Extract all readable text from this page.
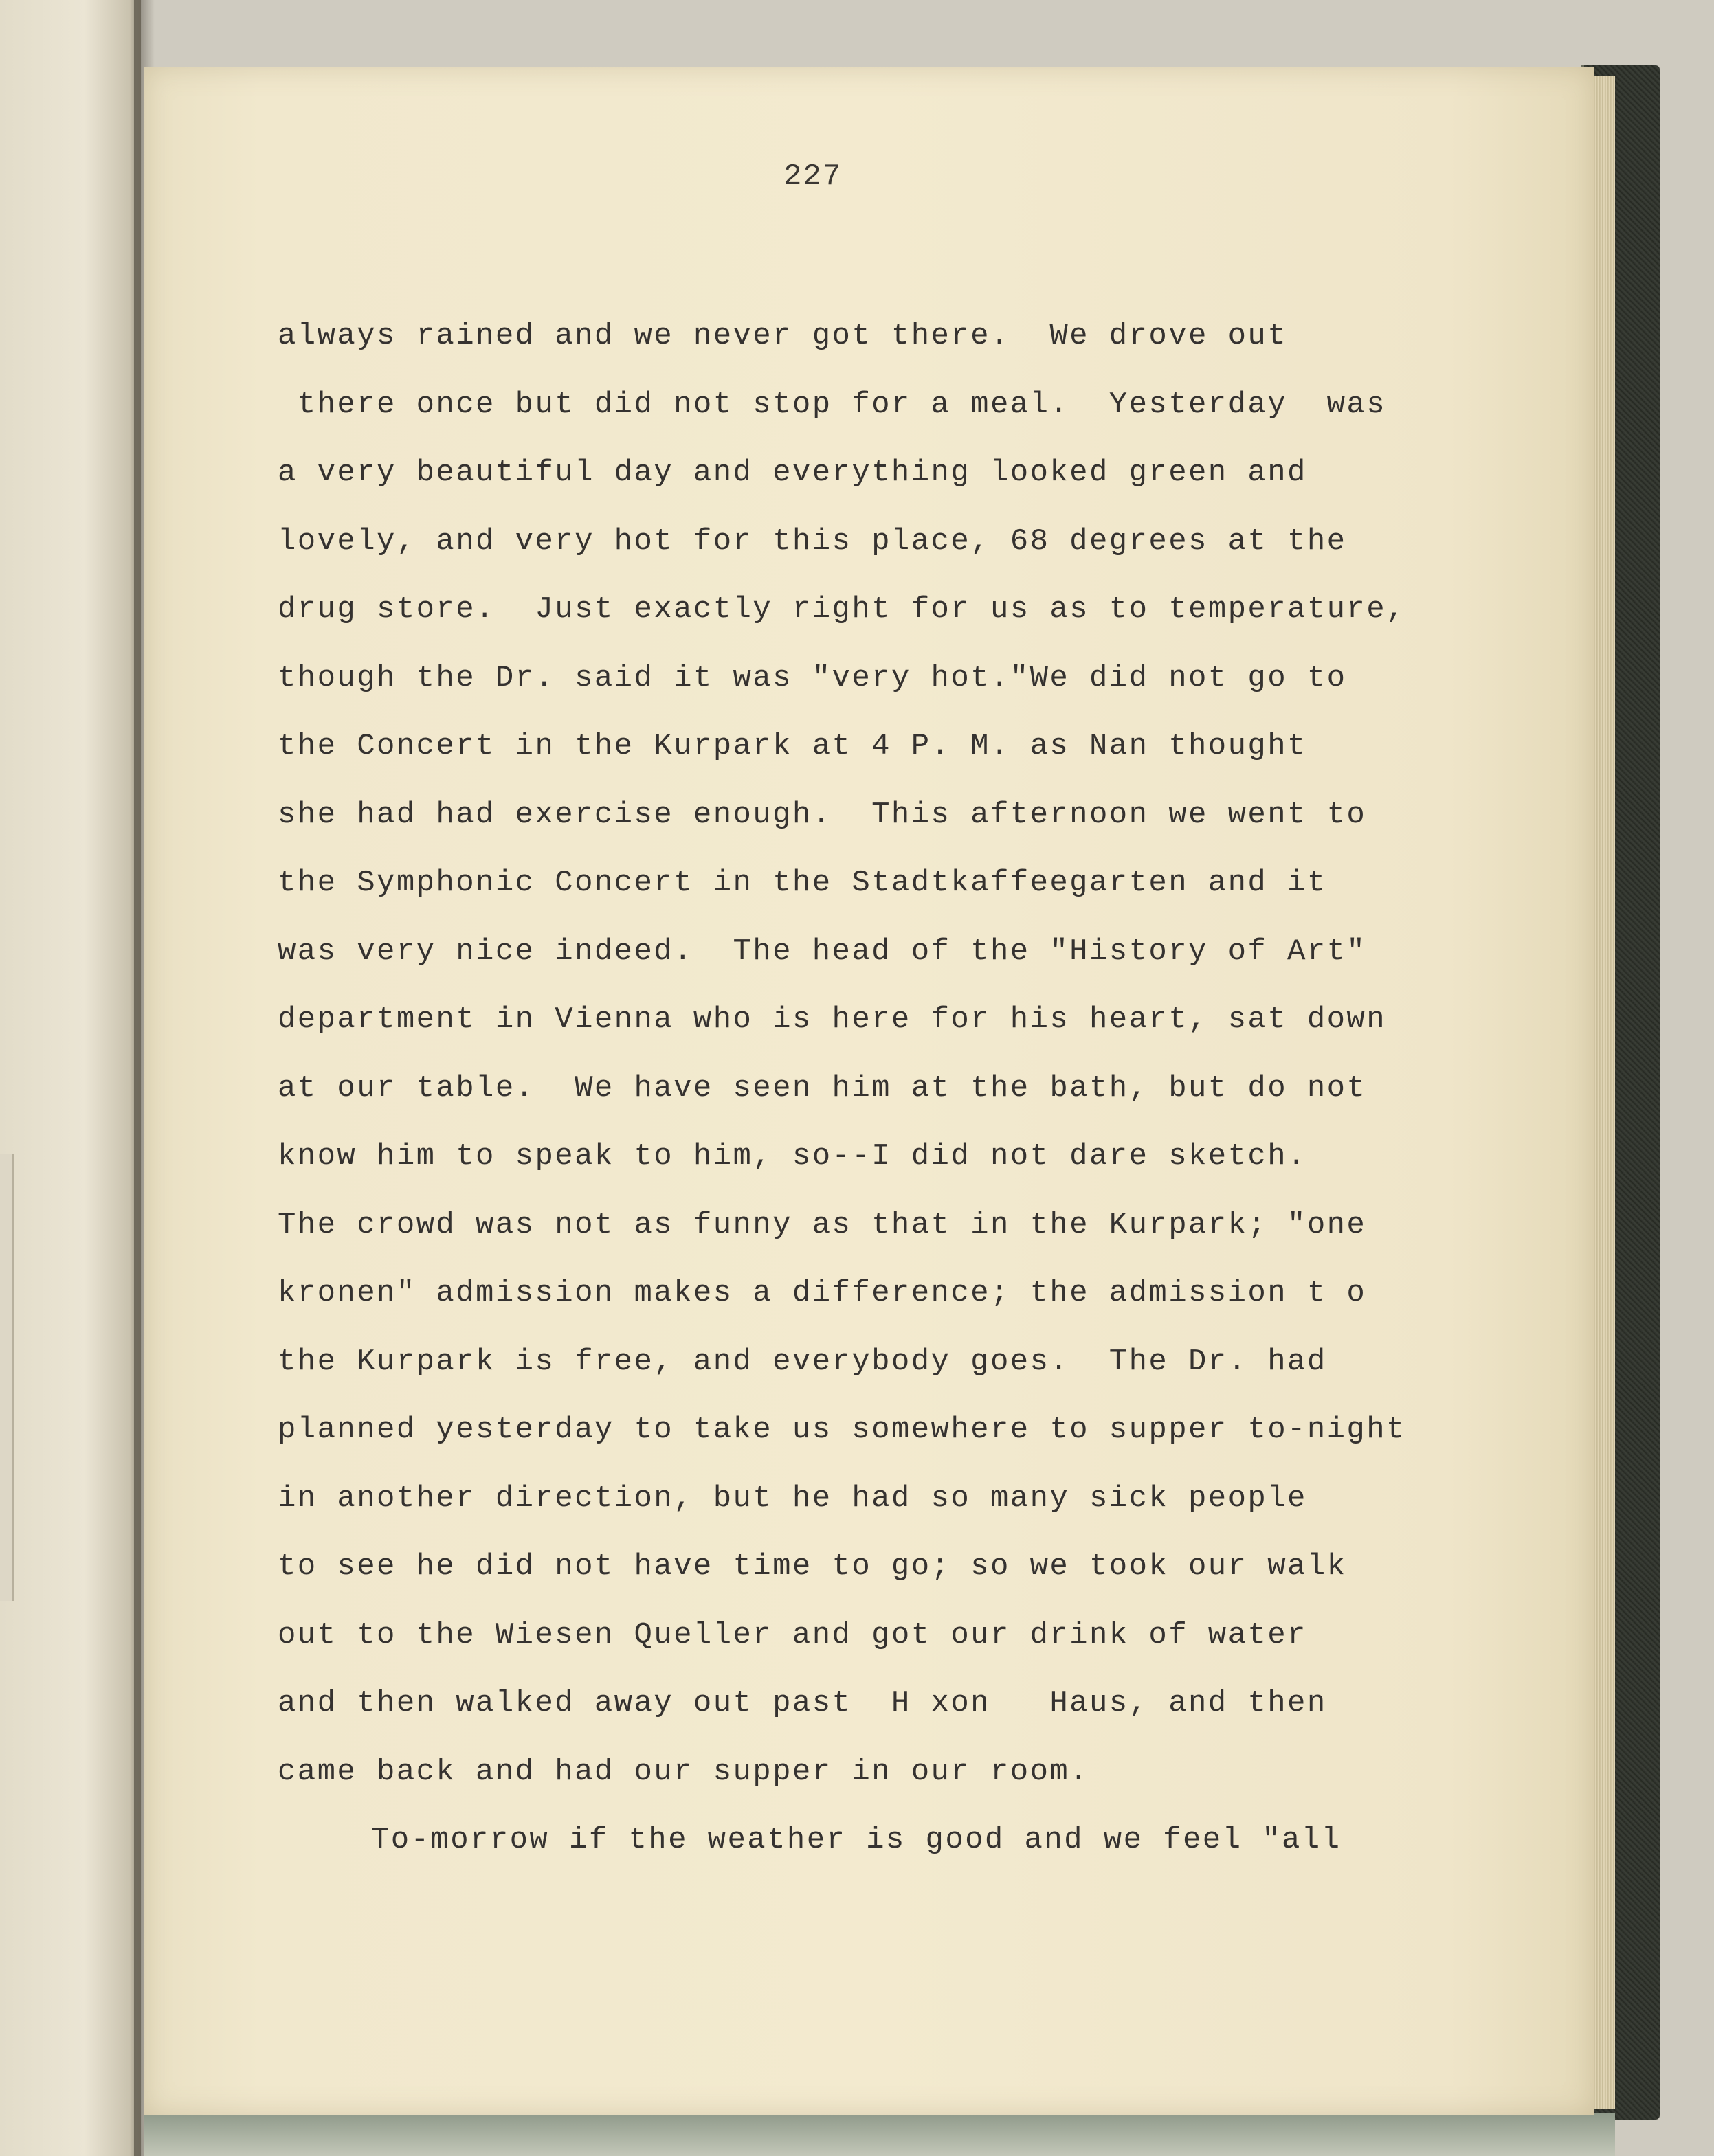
227
always rained and we never got there.  We drove out
there once but did not stop for a meal.  Yesterday  was
a very beautiful day and everything looked green and
lovely, and very hot for this place, 68 degrees at the
drug store.  Just exactly right for us as to temperature,
though the Dr. said it was "very hot."We did not go to
the Concert in the Kurpark at 4 P. M. as Nan thought
she had had exercise enough.  This afternoon we went to
the Symphonic Concert in the Stadtkaffeegarten and it
was very nice indeed.  The head of the "History of Art"
department in Vienna who is here for his heart, sat down
at our table.  We have seen him at the bath, but do not
know him to speak to him, so--I did not dare sketch.
The crowd was not as funny as that in the Kurpark; "one
kronen" admission makes a difference; the admission t o
the Kurpark is free, and everybody goes.  The Dr. had
planned yesterday to take us somewhere to supper to-night
in another direction, but he had so many sick people
to see he did not have time to go; so we took our walk
out to the Wiesen Queller and got our drink of water
and then walked away out past  H xon   Haus, and then
came back and had our supper in our room.
To-morrow if the weather is good and we feel "all
